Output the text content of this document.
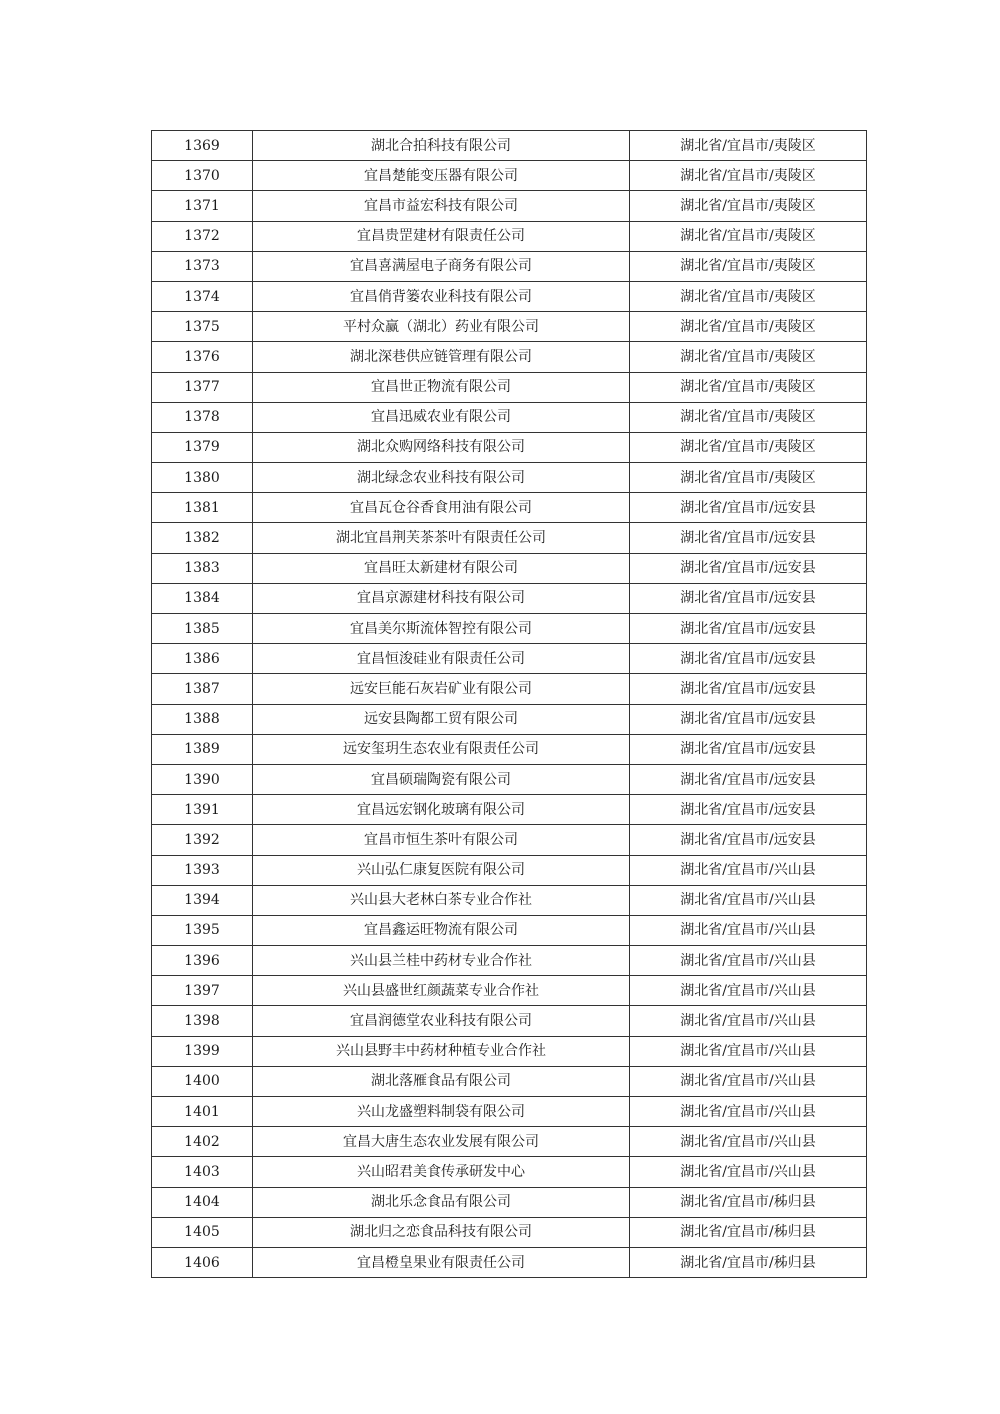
1369	湖北合拍科技有限公司	湖北省/宜昌市/夷陵区
1370	宜昌楚能变压器有限公司	湖北省/宜昌市/夷陵区
1371	宜昌市益宏科技有限公司	湖北省/宜昌市/夷陵区
1372	宜昌贵罡建材有限责任公司	湖北省/宜昌市/夷陵区
1373	宜昌喜满屋电子商务有限公司	湖北省/宜昌市/夷陵区
1374	宜昌俏背篓农业科技有限公司	湖北省/宜昌市/夷陵区
1375	平村众赢（湖北）药业有限公司	湖北省/宜昌市/夷陵区
1376	湖北深巷供应链管理有限公司	湖北省/宜昌市/夷陵区
1377	宜昌世正物流有限公司	湖北省/宜昌市/夷陵区
1378	宜昌迅威农业有限公司	湖北省/宜昌市/夷陵区
1379	湖北众购网络科技有限公司	湖北省/宜昌市/夷陵区
1380	湖北绿念农业科技有限公司	湖北省/宜昌市/夷陵区
1381	宜昌瓦仓谷香食用油有限公司	湖北省/宜昌市/远安县
1382	湖北宜昌荆芙茶茶叶有限责任公司	湖北省/宜昌市/远安县
1383	宜昌旺太新建材有限公司	湖北省/宜昌市/远安县
1384	宜昌京源建材科技有限公司	湖北省/宜昌市/远安县
1385	宜昌美尔斯流体智控有限公司	湖北省/宜昌市/远安县
1386	宜昌恒浚硅业有限责任公司	湖北省/宜昌市/远安县
1387	远安巨能石灰岩矿业有限公司	湖北省/宜昌市/远安县
1388	远安县陶都工贸有限公司	湖北省/宜昌市/远安县
1389	远安玺玥生态农业有限责任公司	湖北省/宜昌市/远安县
1390	宜昌硕瑞陶瓷有限公司	湖北省/宜昌市/远安县
1391	宜昌远宏钢化玻璃有限公司	湖北省/宜昌市/远安县
1392	宜昌市恒生茶叶有限公司	湖北省/宜昌市/远安县
1393	兴山弘仁康复医院有限公司	湖北省/宜昌市/兴山县
1394	兴山县大老林白茶专业合作社	湖北省/宜昌市/兴山县
1395	宜昌鑫运旺物流有限公司	湖北省/宜昌市/兴山县
1396	兴山县兰桂中药材专业合作社	湖北省/宜昌市/兴山县
1397	兴山县盛世红颜蔬菜专业合作社	湖北省/宜昌市/兴山县
1398	宜昌润德堂农业科技有限公司	湖北省/宜昌市/兴山县
1399	兴山县野丰中药材种植专业合作社	湖北省/宜昌市/兴山县
1400	湖北落雁食品有限公司	湖北省/宜昌市/兴山县
1401	兴山龙盛塑料制袋有限公司	湖北省/宜昌市/兴山县
1402	宜昌大唐生态农业发展有限公司	湖北省/宜昌市/兴山县
1403	兴山昭君美食传承研发中心	湖北省/宜昌市/兴山县
1404	湖北乐念食品有限公司	湖北省/宜昌市/秭归县
1405	湖北归之恋食品科技有限公司	湖北省/宜昌市/秭归县
1406	宜昌橙皇果业有限责任公司	湖北省/宜昌市/秭归县
